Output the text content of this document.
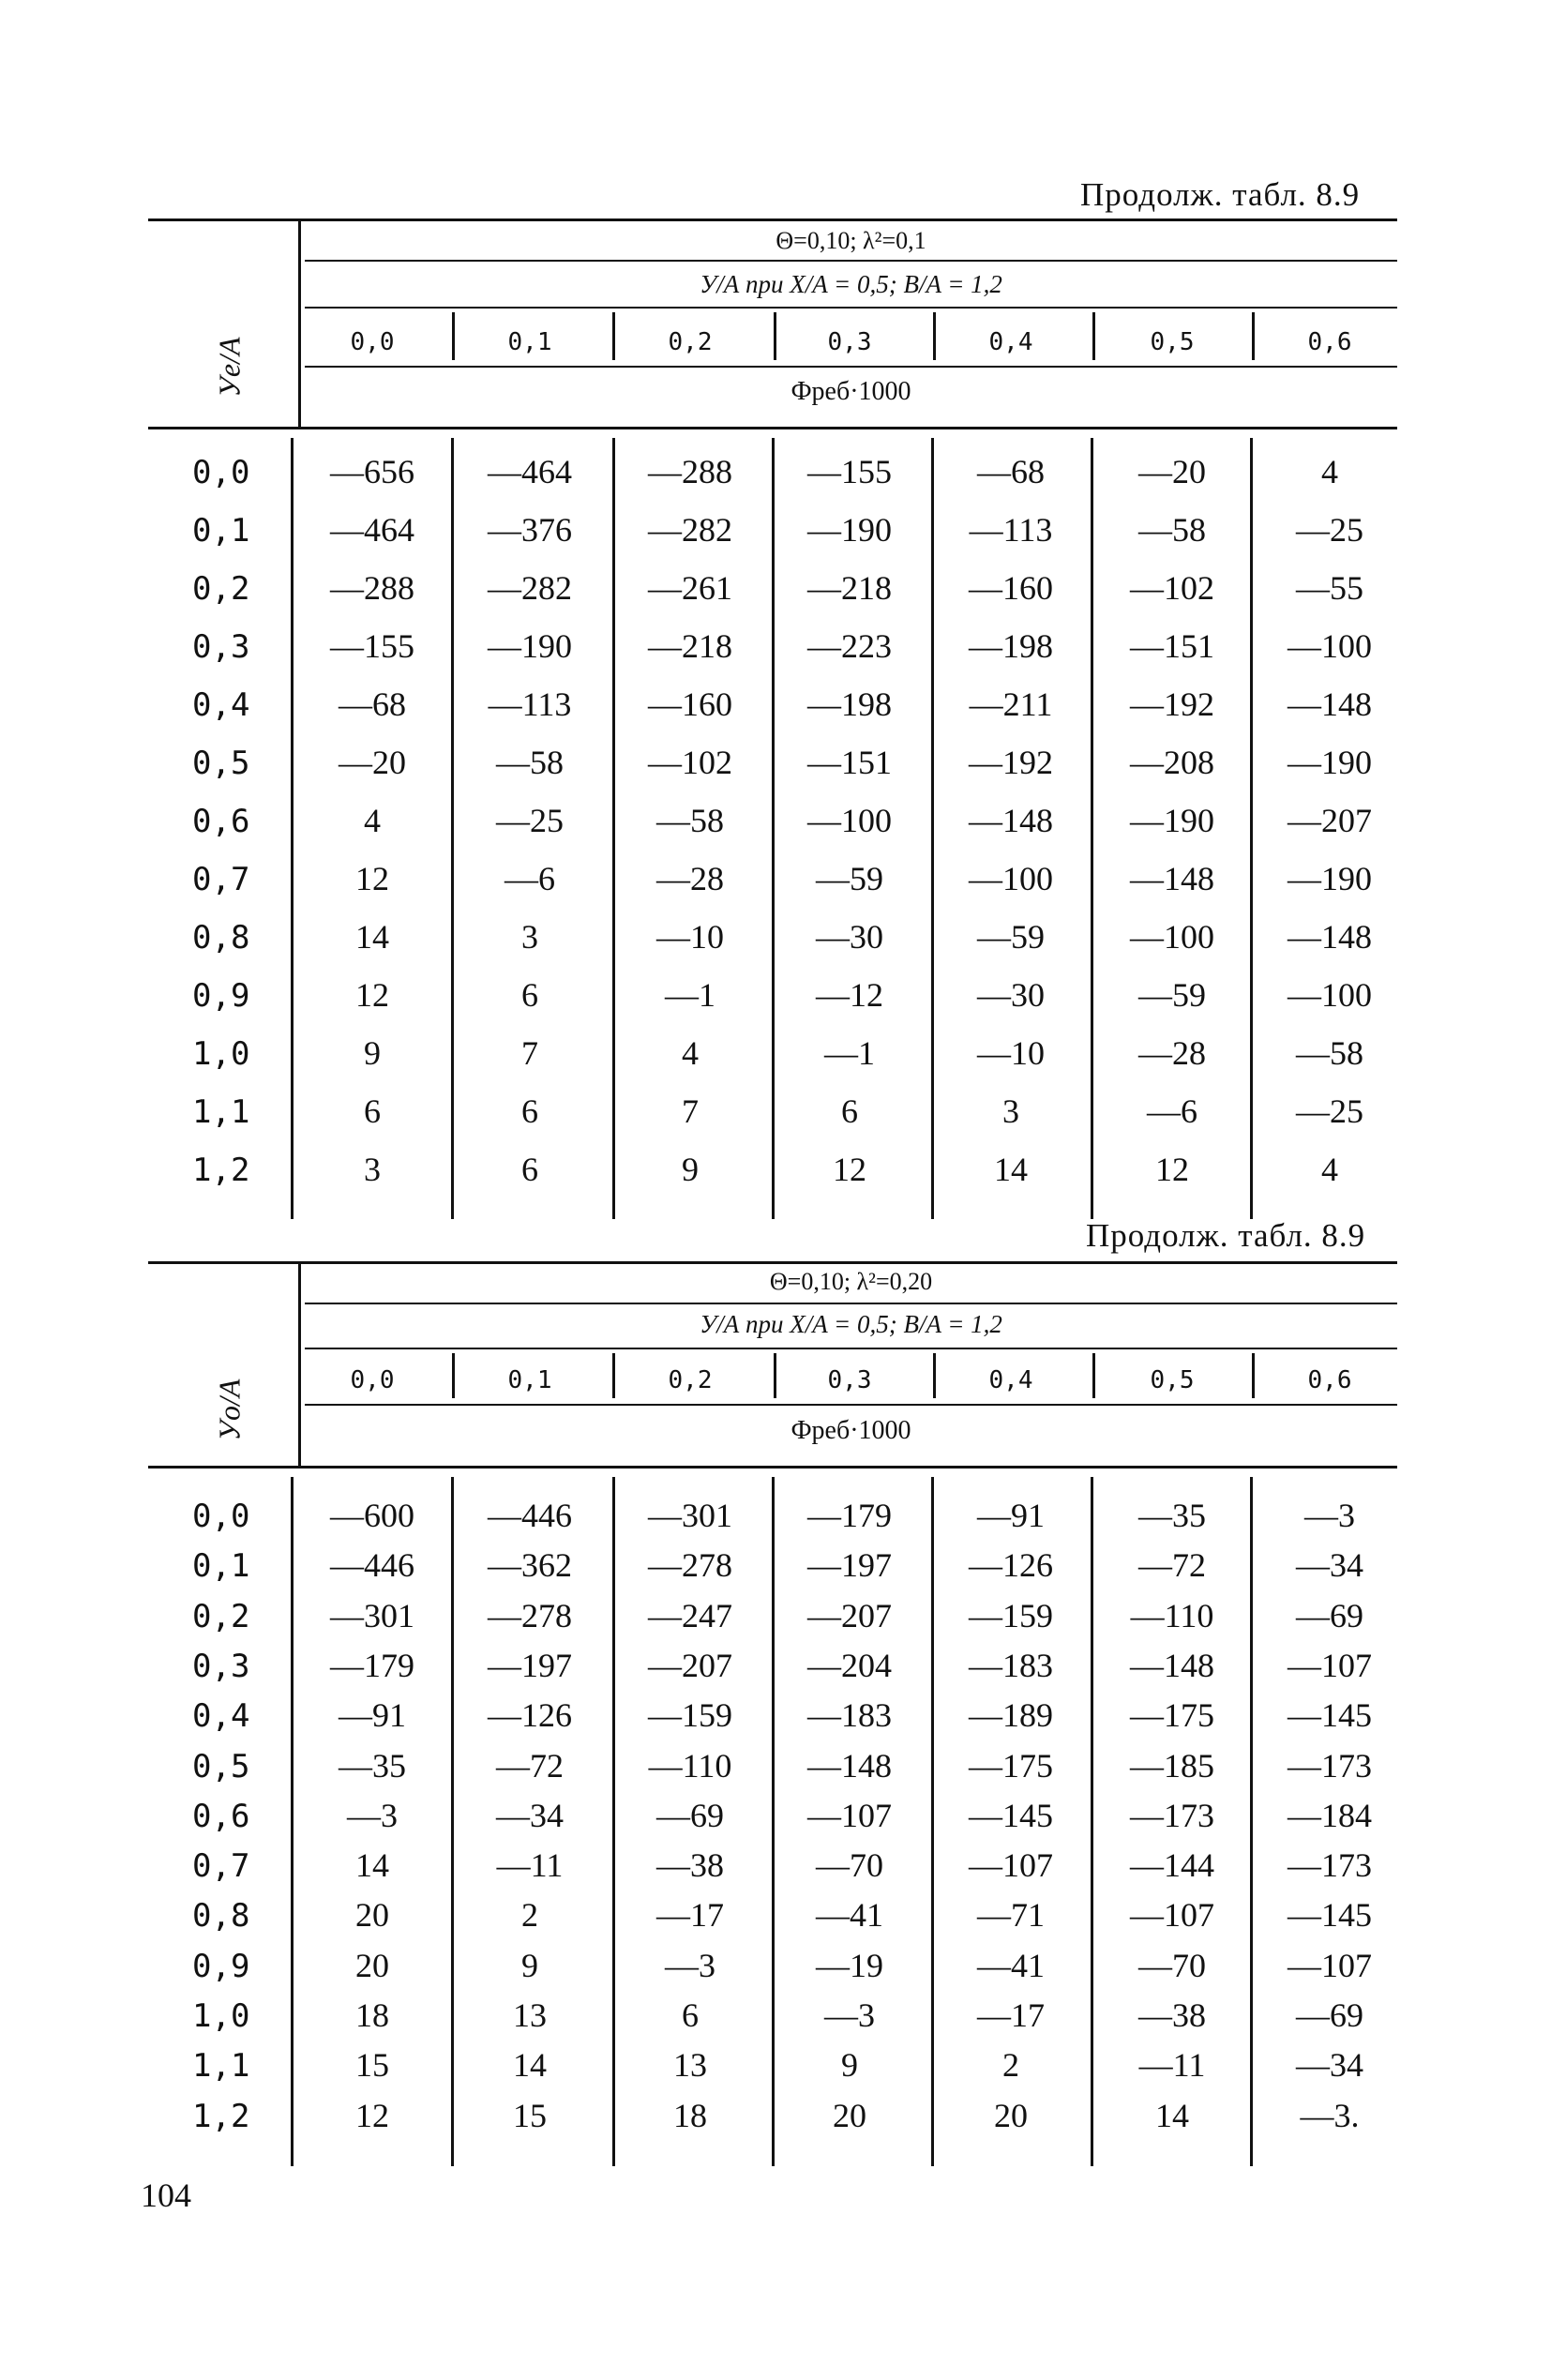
104
Продолж. табл. 8.9
Θ=0,10; λ²=0,1
У/А при X/A = 0,5; B/A = 1,2
0,0	0,1	0,2	0,3	0,4	0,5	0,6
Фреб·1000
Уe/A
0,0	—656	—464	—288	—155	—68	—20	4
0,1	—464	—376	—282	—190	—113	—58	—25
0,2	—288	—282	—261	—218	—160	—102	—55
0,3	—155	—190	—218	—223	—198	—151	—100
0,4	—68	—113	—160	—198	—211	—192	—148
0,5	—20	—58	—102	—151	—192	—208	—190
0,6	4	—25	—58	—100	—148	—190	—207
0,7	12	—6	—28	—59	—100	—148	—190
0,8	14	3	—10	—30	—59	—100	—148
0,9	12	6	—1	—12	—30	—59	—100
1,0	9	7	4	—1	—10	—28	—58
1,1	6	6	7	6	3	—6	—25
1,2	3	6	9	12	14	12	4
Продолж. табл. 8.9
Θ=0,10; λ²=0,20
У/А при X/A = 0,5; B/A = 1,2
0,0	0,1	0,2	0,3	0,4	0,5	0,6
Фреб·1000
Уo/A
0,0	—600	—446	—301	—179	—91	—35	—3
0,1	—446	—362	—278	—197	—126	—72	—34
0,2	—301	—278	—247	—207	—159	—110	—69
0,3	—179	—197	—207	—204	—183	—148	—107
0,4	—91	—126	—159	—183	—189	—175	—145
0,5	—35	—72	—110	—148	—175	—185	—173
0,6	—3	—34	—69	—107	—145	—173	—184
0,7	14	—11	—38	—70	—107	—144	—173
0,8	20	2	—17	—41	—71	—107	—145
0,9	20	9	—3	—19	—41	—70	—107
1,0	18	13	6	—3	—17	—38	—69
1,1	15	14	13	9	2	—11	—34
1,2	12	15	18	20	20	14	—3.
